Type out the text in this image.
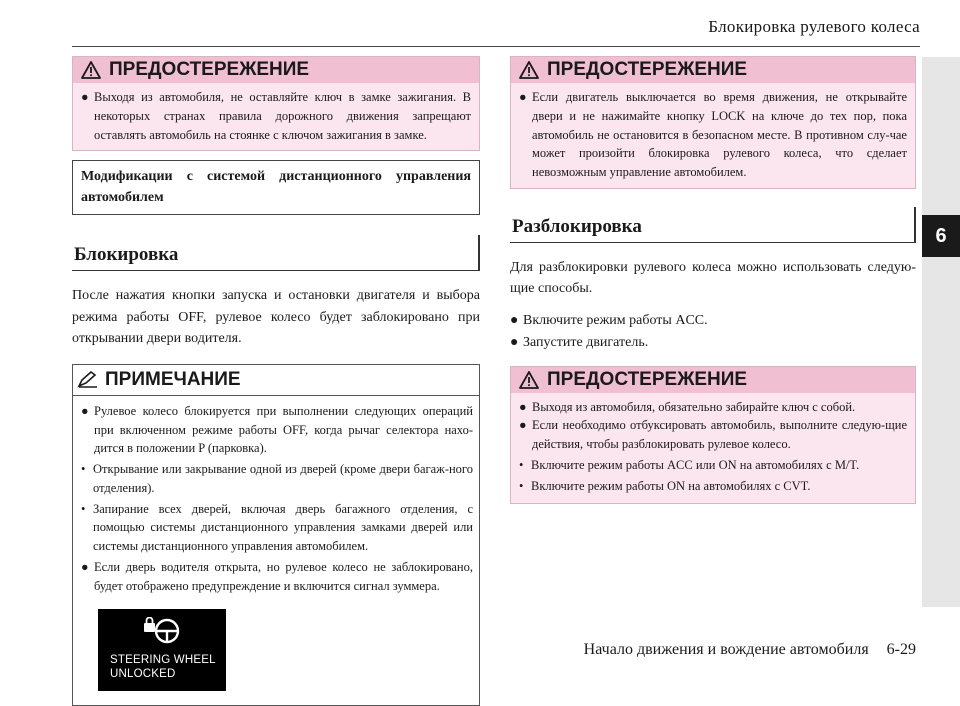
Блокировка рулевого колеса
6
ПРЕДОСТЕРЕЖЕНИЕ

● Выходя из автомобиля, не оставляйте ключ в замке зажигания. В некоторых странах правила дорожного движения запрещают оставлять автомобиль на стоянке с ключом зажигания в замке.

Модификации с системой дистанционного управления автомобилем
Блокировка

После нажатия кнопки запуска и остановки двигателя и выбора режима работы OFF, рулевое колесо будет заблокировано при открывании двери водителя.

ПРИМЕЧАНИЕ

● Рулевое колесо блокируется при выполнении следующих операций при включенном режиме работы OFF, когда рычаг селектора нахо-дится в положении P (парковка).

• Открывание или закрывание одной из дверей (кроме двери багаж-ного отделения).

• Запирание всех дверей, включая дверь багажного отделения, с помощью системы дистанционного управления замками дверей или системы дистанционного управления автомобилем.

● Если дверь водителя открыта, но рулевое колесо не заблокировано, будет отображено предупреждение и включится сигнал зуммера.

STEERING WHEEL
UNLOCKED
ПРЕДОСТЕРЕЖЕНИЕ

● Если двигатель выключается во время движения, не открывайте двери и не нажимайте кнопку LOCK на ключе до тех пор, пока автомобиль не остановится в безопасном месте. В противном слу-чае может произойти блокировка рулевого колеса, что сделает невозможным управление автомобилем.

Разблокировка

Для разблокировки рулевого колеса можно использовать следую-щие способы.

● Включите режим работы ACC.

● Запустите двигатель.

ПРЕДОСТЕРЕЖЕНИЕ

● Выходя из автомобиля, обязательно забирайте ключ с собой.

● Если необходимо отбуксировать автомобиль, выполните следую-щие действия, чтобы разблокировать рулевое колесо.

• Включите режим работы ACC или ON на автомобилях с M/T.

• Включите режим работы ON на автомобилях с CVT.

Начало движения и вождение автомобиля 6-29
